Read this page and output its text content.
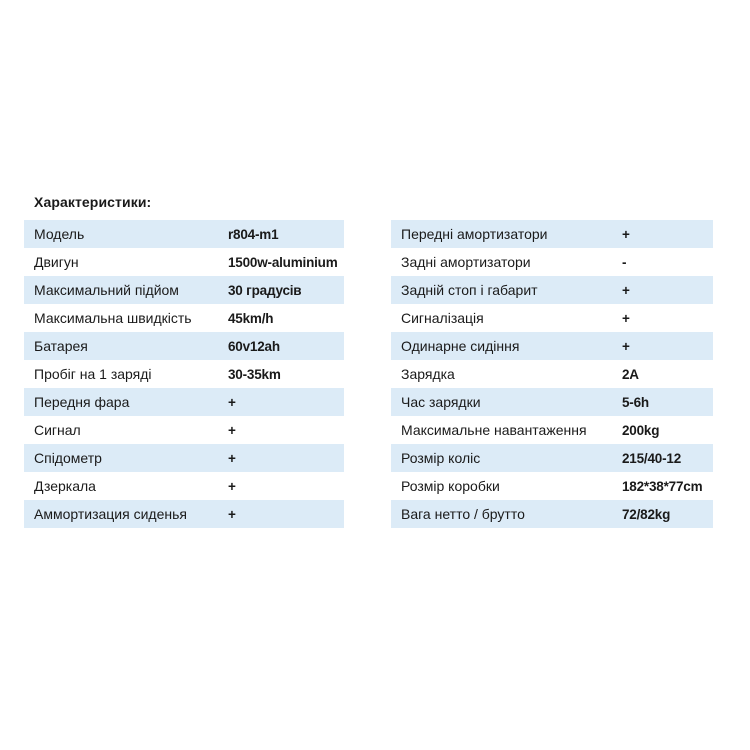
Характеристики:
Модель	r804-m1
Двигун	1500w-aluminium
Максимальний підйом	30 градусів
Максимальна швидкість	45km/h
Батарея	60v12ah
Пробіг на 1 заряді	30-35km
Передня фара	+
Сигнал	+
Спідометр	+
Дзеркала	+
Аммортизация сиденья	+
Передні амортизатори	+
Задні амортизатори	-
Задній стоп і габарит	+
Сигналізація	+
Одинарне сидіння	+
Зарядка	2A
Час зарядки	5-6h
Максимальне навантаження	200kg
Розмір коліс	215/40-12
Розмір коробки	182*38*77cm
Вага нетто / брутто	72/82kg
